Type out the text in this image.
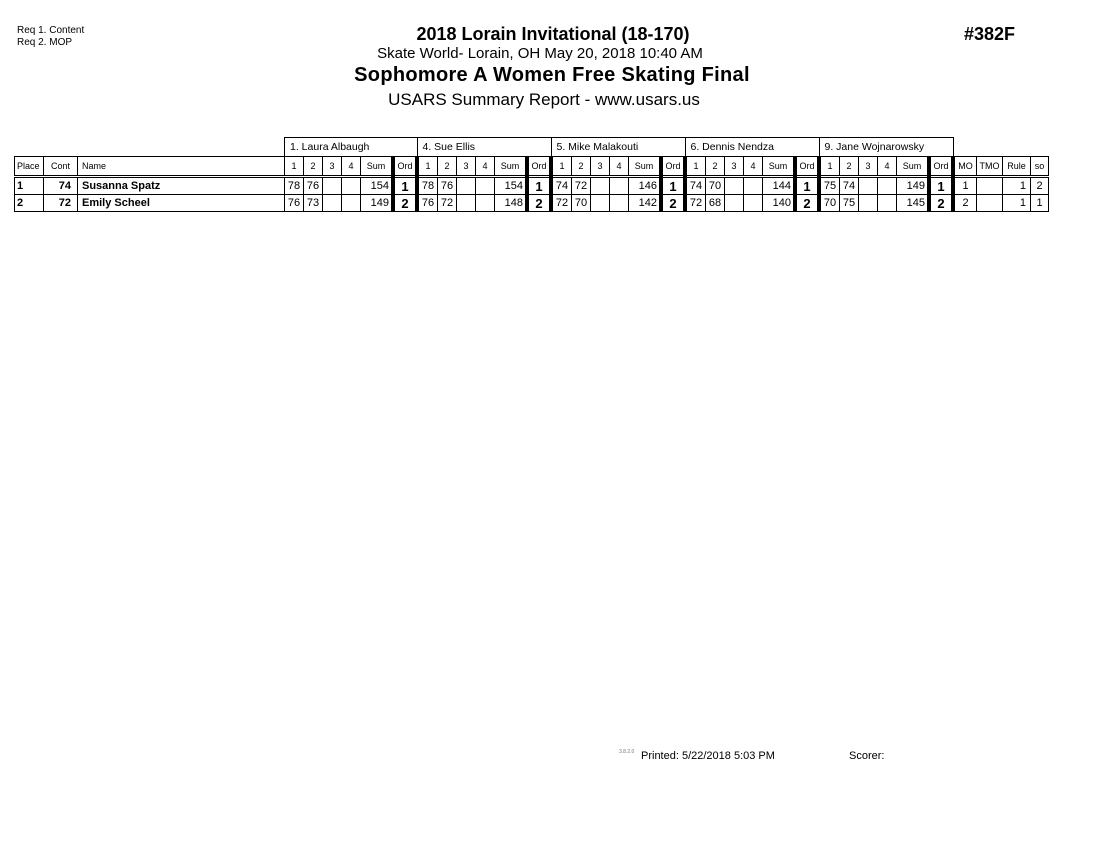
Req 1. Content
Req 2. MOP	2018 Lorain Invitational (18-170)
Skate World- Lorain, OH May 20, 2018 10:40 AM
Sophomore A Women Free Skating Final
USARS Summary Report - www.usars.us
#382F
			1. Laura Albaugh						4. Sue Ellis						5. Mike Malakouti						6. Dennis Nendza						9. Jane Wojnarowsky									
Place	Cont	Name	1	2	3	4	Sum	Ord	1	2	3	4	Sum	Ord	1	2	3	4	Sum	Ord	1	2	3	4	Sum	Ord	1	2	3	4	Sum	Ord	MO	TMO	Rule	so
1	74	Susanna Spatz	78	76			154	1	78	76			154	1	74	72			146	1	74	70			144	1	75	74			149	1	1		1	2
2	72	Emily Scheel	76	73			149	2	76	72			148	2	72	70			142	2	72	68			140	2	70	75			145	2	2		1	1
3.8.2.0 Printed: 5/22/2018 5:03 PM	Scorer:
